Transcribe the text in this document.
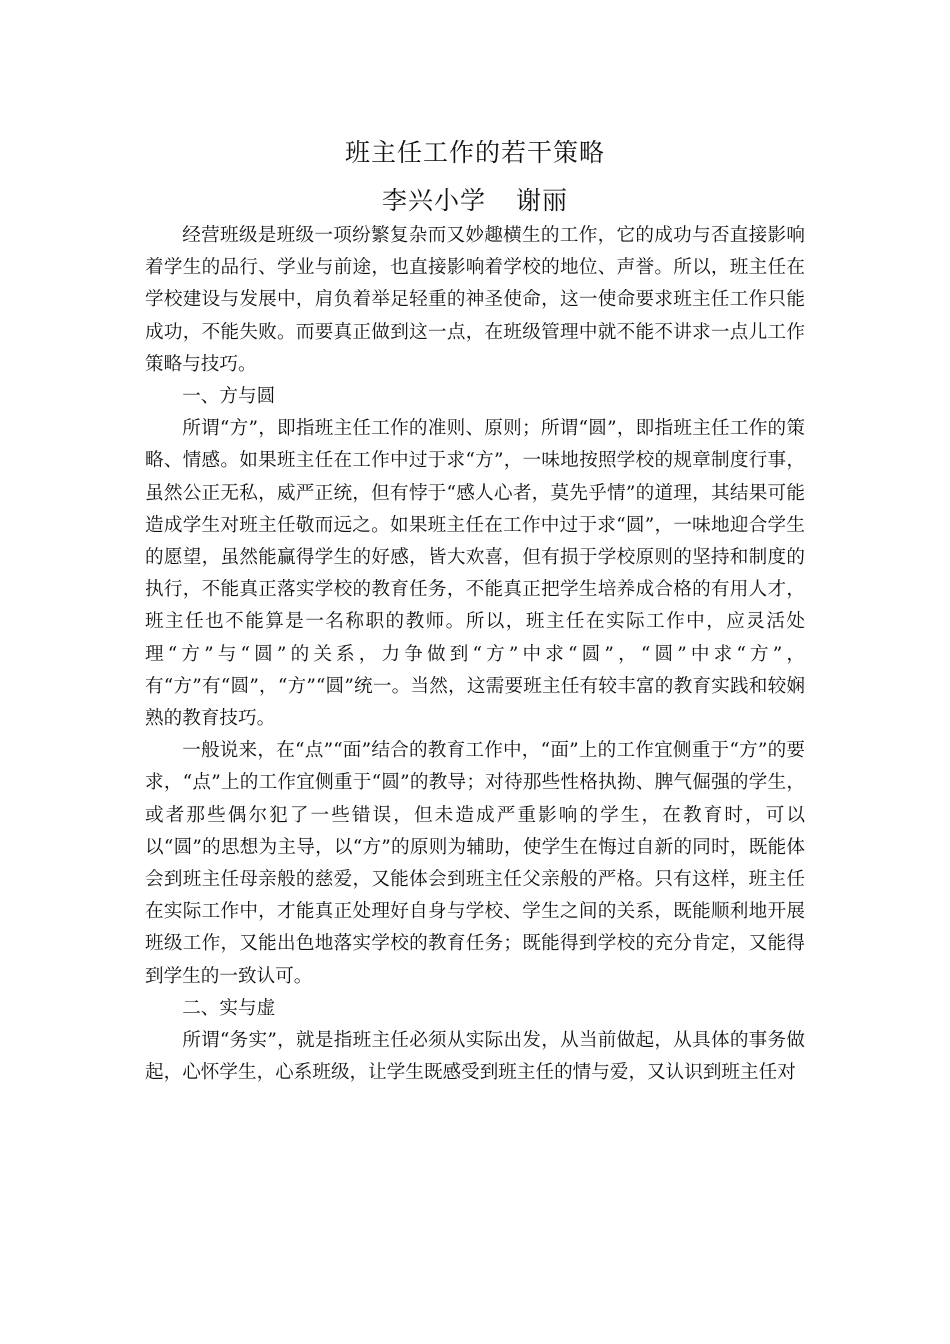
班主任工作的若干策略
李兴小学 谢丽

经营班级是班级一项纷繁复杂而又妙趣横生的工作，它的成功与否直接影响着学生的品行、学业与前途，也直接影响着学校的地位、声誉。所以，班主任在学校建设与发展中，肩负着举足轻重的神圣使命，这一使命要求班主任工作只能成功，不能失败。而要真正做到这一点，在班级管理中就不能不讲求一点儿工作策略与技巧。

一、方与圆

所谓“方”，即指班主任工作的准则、原则；所谓“圆”，即指班主任工作的策略、情感。如果班主任在工作中过于求“方”，一味地按照学校的规章制度行事，虽然公正无私，威严正统，但有悖于“感人心者，莫先乎情”的道理，其结果可能造成学生对班主任敬而远之。如果班主任在工作中过于求“圆”，一味地迎合学生的愿望，虽然能赢得学生的好感，皆大欢喜，但有损于学校原则的坚持和制度的执行，不能真正落实学校的教育任务，不能真正把学生培养成合格的有用人才，班主任也不能算是一名称职的教师。所以，班主任在实际工作中，应灵活处理“方”与“圆”的关系，力争做到“方”中求“圆”，“圆”中求“方”，有“方”有“圆”，“方”“圆”统一。当然，这需要班主任有较丰富的教育实践和较娴熟的教育技巧。

一般说来，在“点”“面”结合的教育工作中，“面”上的工作宜侧重于“方”的要求，“点”上的工作宜侧重于“圆”的教导；对待那些性格执拗、脾气倔强的学生，或者那些偶尔犯了一些错误，但未造成严重影响的学生，在教育时，可以以“圆”的思想为主导，以“方”的原则为辅助，使学生在悔过自新的同时，既能体会到班主任母亲般的慈爱，又能体会到班主任父亲般的严格。只有这样，班主任在实际工作中，才能真正处理好自身与学校、学生之间的关系，既能顺利地开展班级工作，又能出色地落实学校的教育任务；既能得到学校的充分肯定，又能得到学生的一致认可。

二、实与虚

所谓“务实”，就是指班主任必须从实际出发，从当前做起，从具体的事务做起，心怀学生，心系班级，让学生既感受到班主任的情与爱，又认识到班主任对
